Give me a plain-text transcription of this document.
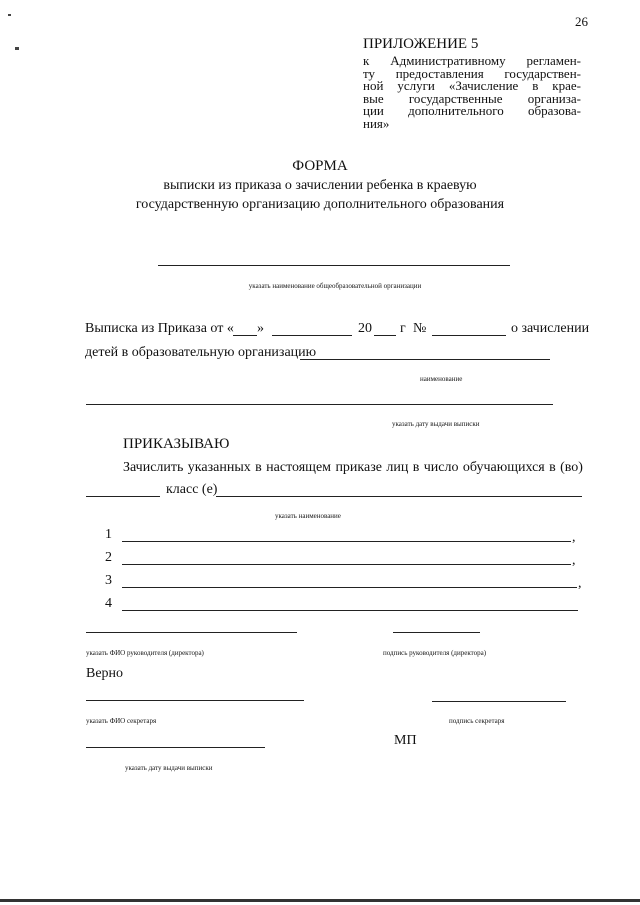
26
ПРИЛОЖЕНИЕ 5
к Административному регламен-
ту предоставления государствен-
ной услуги «Зачисление в крае-
вые государственные организа-
ции дополнительного образова-
ния»
ФОРМА
выписки из приказа о зачислении ребенка в краевую
государственную организацию дополнительного образования
указать наименование общеобразовательной организации
Выписка из Приказа от « »	20 г №	о зачислении
детей в образовательную организацию
наименование
указать дату выдачи выписки
ПРИКАЗЫВАЮ
Зачислить указанных в настоящем приказе лиц в число обучающихся в (во)
класс (е)
указать наименование
1	,
2	,
3	,
4
указать ФИО руководителя (директора)	подпись руководителя (директора)
Верно
указать ФИО секретаря	подпись секретаря
МП
указать дату выдачи выписки
